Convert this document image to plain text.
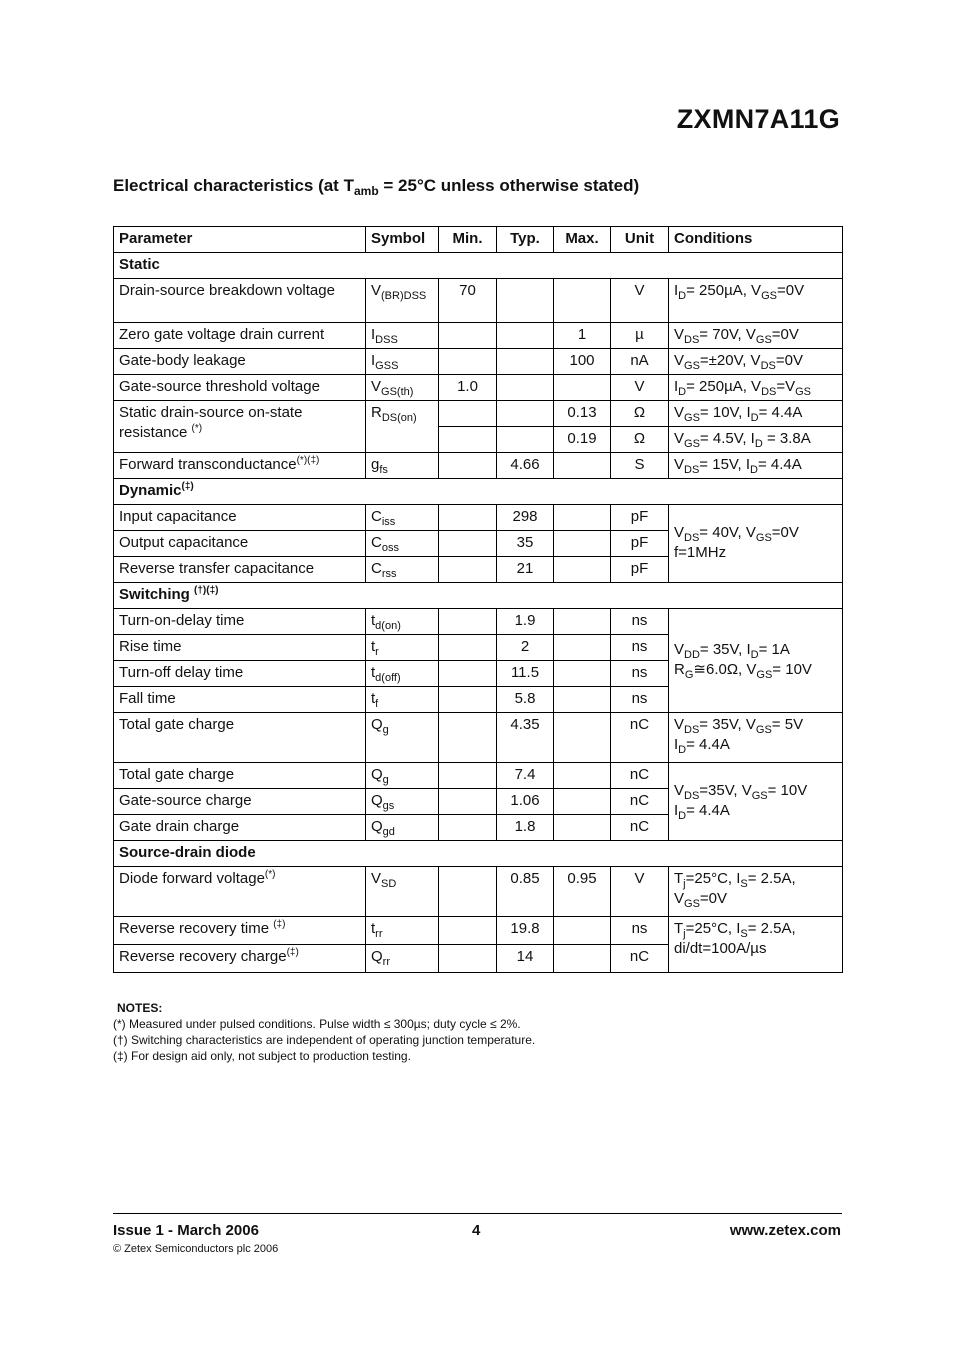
ZXMN7A11G
Electrical characteristics (at $T_{amb} = 25^\circ C$ unless otherwise stated)
Parameter	Symbol	Min.	Typ.	Max.	Unit	Conditions
Static						
Drain-source breakdown voltage	$V_{(BR)DSS}$	70			V	$I_D= 250\mu A$, $V_{GS}=0V$
Zero gate voltage drain current	$I_{DSS}$			1	µ	$V_{DS}= 70V$, $V_{GS}=0V$
Gate-body leakage	$I_{GSS}$			100	nA	$V_{GS}=\pm 20V$, $V_{DS}=0V$
Gate-source threshold voltage	$V_{GS(th)}$	1.0			V	$I_D= 250\mu A$, $V_{DS}=V_{GS}$
Static drain-source on-state resistance (*)	$R_{DS(on)}$			0.13	Ω	$V_{GS}= 10V$, $I_D= 4.4A$
				0.19	Ω	$V_{GS}= 4.5V$, $I_D = 3.8A$
Forward transconductance(*)(‡)	$g_{fs}$		4.66		S	$V_{DS}= 15V$, $I_D= 4.4A$
Dynamic(‡)
Input capacitance	$C_{iss}$		298		pF	$V_{DS}= 40V$, $V_{GS}=0V$
f=1MHz
Output capacitance	$C_{oss}$		35		pF	
Reverse transfer capacitance	$C_{rss}$		21		pF	
Switching (†)(‡)
Turn-on-delay time	$t_{d(on)}$		1.9		ns	$V_{DD}= 35V$, $I_D= 1A$
$R_G≅6.0\Omega$, $V_{GS}= 10V$
Rise time	$t_r$		2		ns	
Turn-off delay time	$t_{d(off)}$		11.5		ns	
Fall time	$t_f$		5.8		ns	
Total gate charge	$Q_g$		4.35		nC	$V_{DS}= 35V$, $V_{GS}= 5V$
$I_D= 4.4A$
Total gate charge	$Q_g$		7.4		nC	$V_{DS}=35V$, $V_{GS}= 10V$
$I_D= 4.4A$
Gate-source charge	$Q_{gs}$		1.06		nC	
Gate drain charge	$Q_{gd}$		1.8		nC	
Source-drain diode						
Diode forward voltage(*)	$V_{SD}$		0.85	0.95	V	$T_j=25^\circ C$, $I_S= 2.5A$,
$V_{GS}=0V$
Reverse recovery time (‡)	$t_{rr}$		19.8		ns	$T_j=25^\circ C$, $I_S= 2.5A$,
di/dt=100A/µs
Reverse recovery charge(‡)	$Q_{rr}$		14		nC	
NOTES:
(*) Measured under pulsed conditions. Pulse width ≤ 300µs; duty cycle ≤ 2%.
(†) Switching characteristics are independent of operating junction temperature.
(‡) For design aid only, not subject to production testing.
Issue 1 - March 2006	4	www.zetex.com
© Zetex Semiconductors plc 2006
